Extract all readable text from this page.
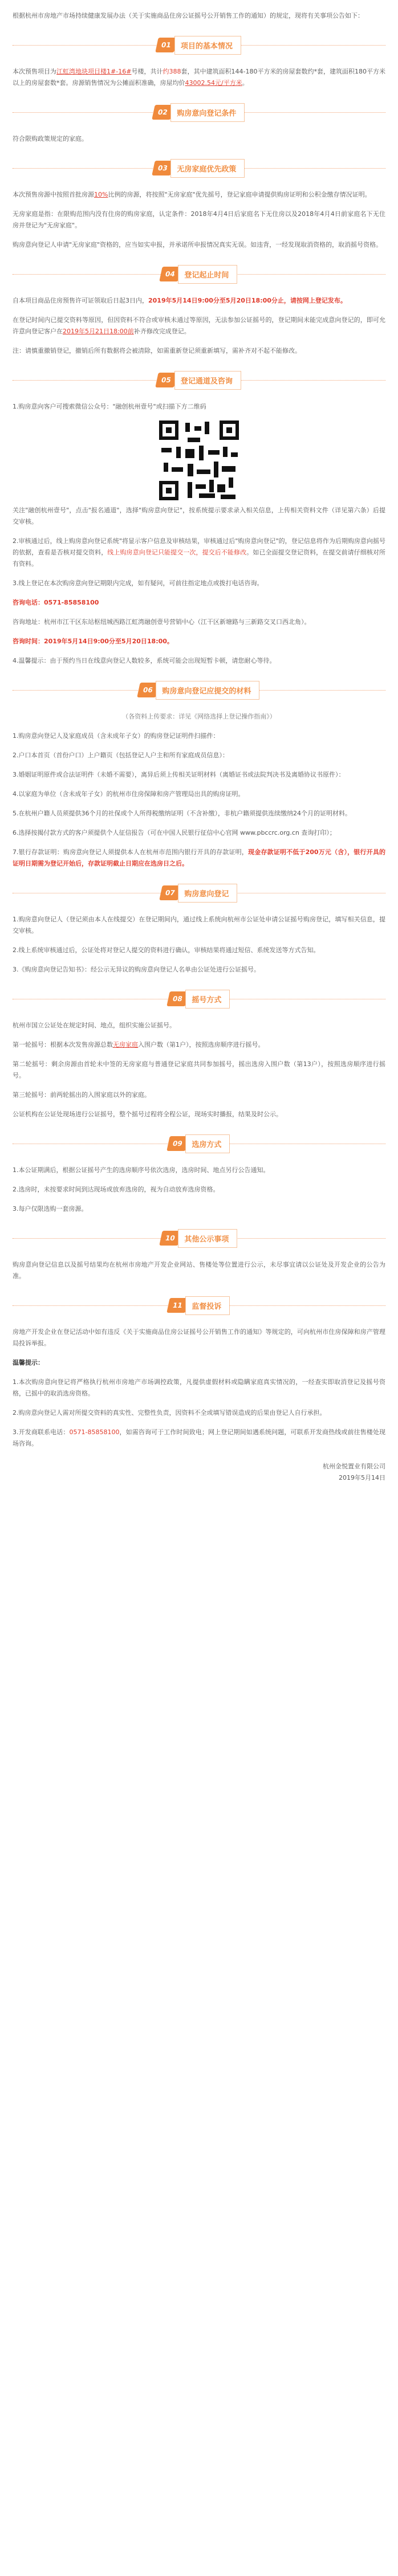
根据杭州市房地产市场持续健康发展办法（关于实施商品住房公证摇号公开销售工作的通知）的规定，现将有关事项公告如下：

01	项目的基本情况

本次预售项目为江虹湾地块项目楼1#-16#号楼，共计约388套，其中建筑面积144-180平方米的房屋套数约*套，建筑面积180平方米以上的房屋套数*套。房源销售情况为公摊面积准确，房屋均价43002.54元/平方米。

02	购房意向登记条件

符合限购政策规定的家庭。

03	无房家庭优先政策

本次预售房源中按照首批房源10%比例的房源，将按照"无房家庭"优先摇号，登记家庭申请提供购房证明和公积金缴存情况证明。

无房家庭是指：在限购范围内没有住房的购房家庭，认定条件：2018年4月4日后家庭名下无住房以及2018年4月4日前家庭名下无住房并登记为"无房家庭"。

购房意向登记人申请"无房家庭"资格的，应当如实申报，并承诺所申报情况真实无误。如违背，一经发现取消资格的，取消摇号资格。

04	登记起止时间

自本项目商品住房预售许可证领取后日起3日内，2019年5月14日9:00分至5月20日18:00分止，请按网上登记发布。

在登记时间内已提交资料等原因，但因资料不符合或审核未通过等原因，无法参加公证摇号的，登记期间未能完成意向登记的，即可允许意向登记客户在2019年5月21日18:00前补齐修改完成登记。

注：请慎重撤销登记，撤销后所有数据将会被清除，如需重新登记须重新填写，需补齐对不起不能修改。

05	登记通道及咨询

1.购房意向客户可搜索微信公众号："融创杭州壹号"或扫描下方二维码

关注"融创杭州壹号"，点击"报名通道"，选择"购房意向登记"，按系统提示要求录入相关信息，上传相关资料文件（详见第六条）后提交审核。

2.审核通过后，线上购房意向登记系统"将显示客户信息及审核结果，审核通过后"购房意向登记"的，登记信息将作为后期购房意向摇号的依据，查看是否核对提交资料，线上购房意向登记只能提交一次，提交后不能修改。如已全面提交登记资料，在提交前请仔细核对所有资料。

3.线上登记在本次购房意向登记期限内完成，如有疑问，可前往指定地点或拨打电话咨询。

咨询电话：0571-85858100

咨询地址：杭州市江干区东站枢纽城西路江虹湾融创壹号营销中心（江干区新塘路与三新路交叉口西北角）。

咨询时间：2019年5月14日9:00分至5月20日18:00。

4.温馨提示：由于预约当日在线意向登记人数较多，系统可能会出现短暂卡顿，请您耐心等待。

06	购房意向登记应提交的材料

（各资料上传要求：详见《网络选择上登记操作指南》）

1.购房意向登记人及家庭成员（含未成年子女）的购房登记证明件扫描件：

2.户口本首页（首份户口）上户籍页（包括登记人户主和所有家庭成员信息）：

3.婚姻证明原件或合法证明件（未婚不需要），离异后须上传相关证明材料（离婚证书或法院判决书及离婚协议书原件）：

4.以家庭为单位（含未成年子女）的杭州市住房保障和房产管理局出具的购房证明。

5.在杭州户籍人员须提供36个月的社保或个人所得税缴纳证明（不含补缴），非杭户籍须提供连续缴纳24个月的证明材料。

6.选择按揭付款方式的客户须提供个人征信报告（可在中国人民银行征信中心官网 www.pbccrc.org.cn 查询打印）；

7.银行存款证明：购房意向登记人须提供本人在杭州市范围内银行开具的存款证明，现金存款证明不低于200万元（含），银行开具的证明日期需为登记开始后，存款证明截止日期应在选房日之后。

07	购房意向登记

1.购房意向登记人（登记须由本人在线提交）在登记期间内，通过线上系统向杭州市公证处申请公证摇号购房登记，填写相关信息，提交审核。

2.线上系统审核通过后，公证处将对登记人提交的资料进行确认，审核结果将通过短信、系统发送等方式告知。

3.《购房意向登记告知书》：经公示无异议的购房意向登记人名单由公证处进行公证摇号。

08	摇号方式

杭州市国立公证处在规定时间、地点，组织实施公证摇号。

第一轮摇号：根据本次发售房源总数无房家庭入围户数（第1户），按照选房顺序进行摇号。

第二轮摇号：剩余房源由首轮未中签的无房家庭与普通登记家庭共同参加摇号，摇出选房入围户数（第13户），按照选房顺序进行摇号。

第三轮摇号：前两轮摇出的入围家庭以外的家庭。

公证机构在公证处现场进行公证摇号，整个摇号过程将全程公证，现场实时播报，结果及时公示。

09	选房方式

1.本公证期满后，根据公证摇号产生的选房顺序号依次选房，选房时间、地点另行公告通知。

2.选房时，未按要求时间到达现场或放弃选房的，视为自动放弃选房资格。

3.每户仅限选购一套房源。

10	其他公示事项

购房意向登记信息以及摇号结果均在杭州市房地产开发企业网站、售楼处等位置进行公示，未尽事宜请以公证处及开发企业的公告为准。

11	监督投诉

房地产开发企业在登记活动中如有违反《关于实施商品住房公证摇号公开销售工作的通知》等规定的，可向杭州市住房保障和房产管理局投诉举报。

温馨提示：

1.本次购房意向登记将严格执行杭州市房地产市场调控政策，凡提供虚假材料或隐瞒家庭真实情况的，一经查实即取消登记及摇号资格，已摇中的取消选房资格。

2.购房意向登记人需对所提交资料的真实性、完整性负责，因资料不全或填写错误造成的后果由登记人自行承担。

3.开发商联系电话：0571-85858100，如需咨询可于工作时间致电；网上登记期间如遇系统问题，可联系开发商热线或前往售楼处现场咨询。

杭州金悦置业有限公司
2019年5月14日
